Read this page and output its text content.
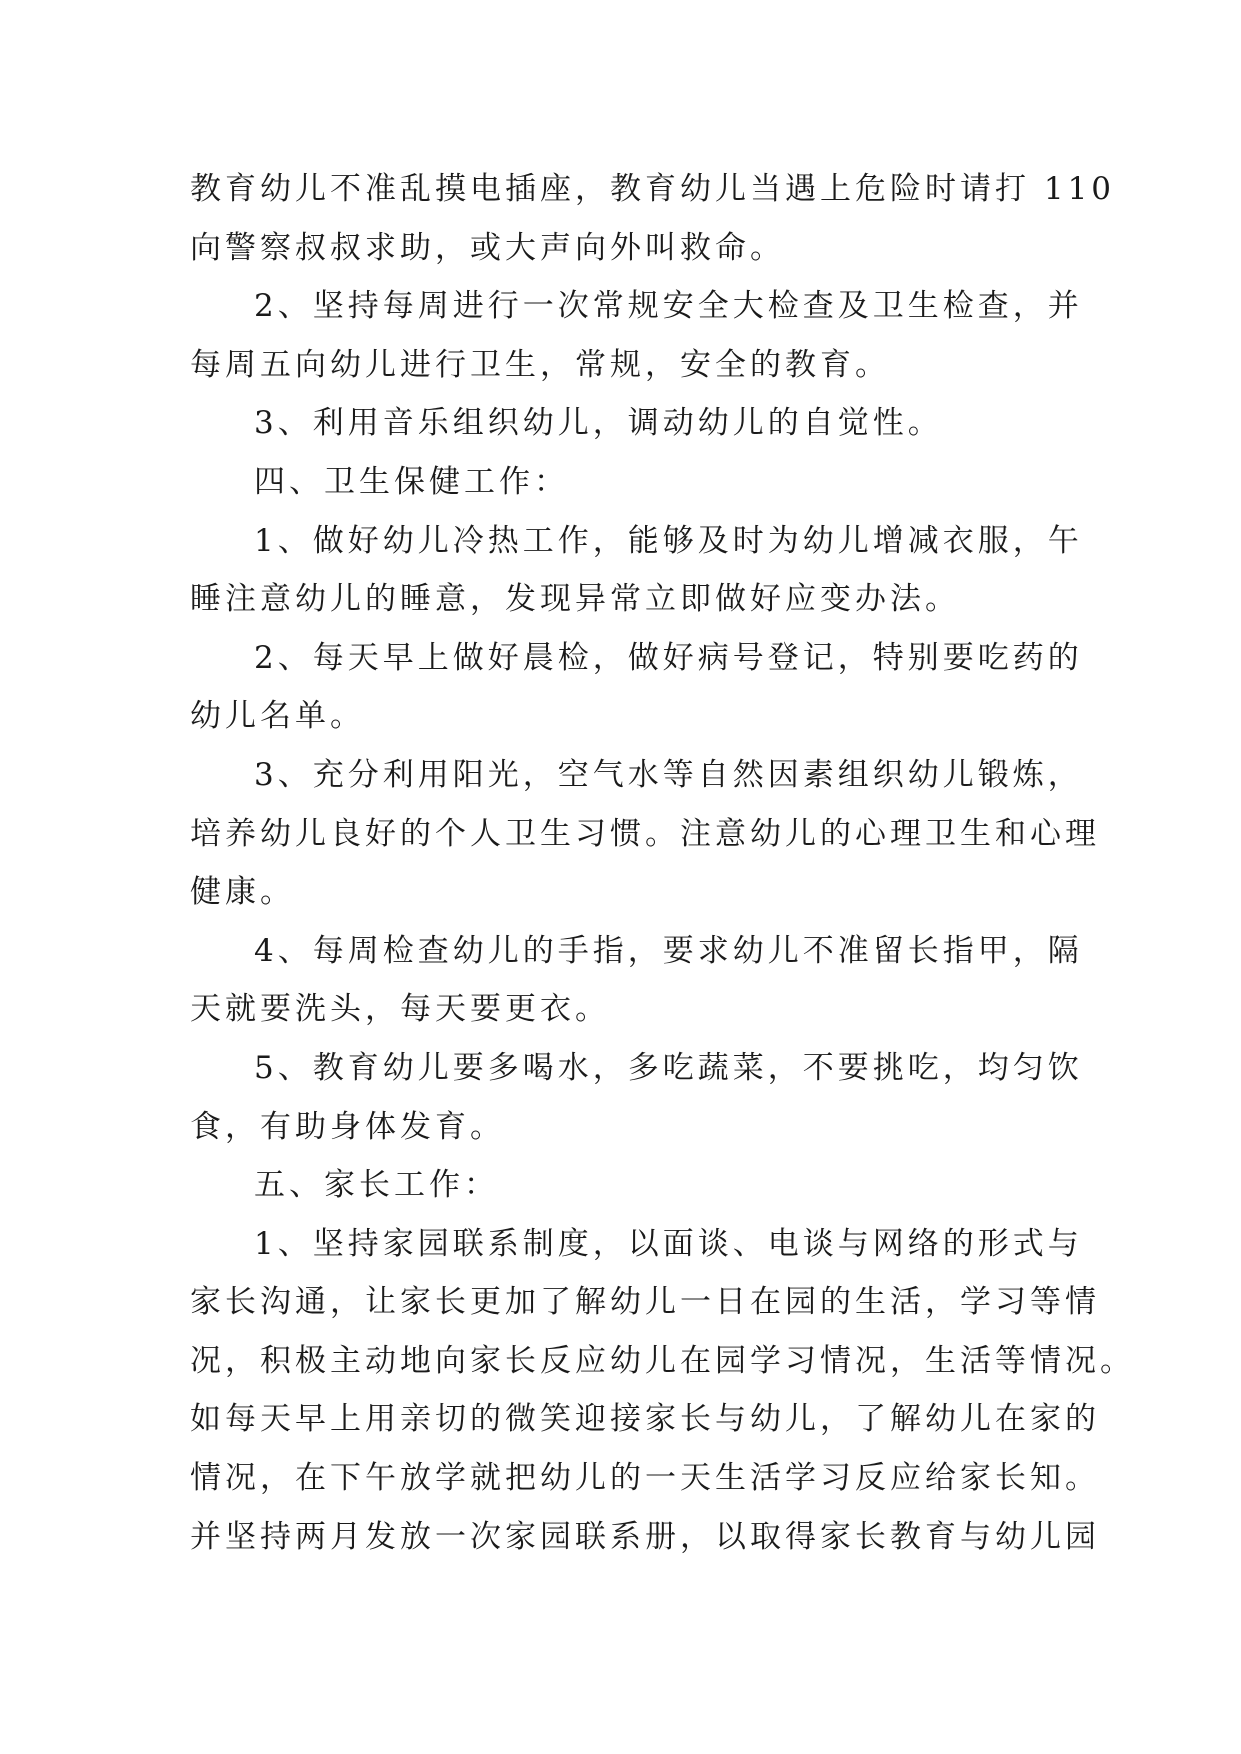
教育幼儿不准乱摸电插座，教育幼儿当遇上危险时请打 110
向警察叔叔求助，或大声向外叫救命。
2、坚持每周进行一次常规安全大检查及卫生检查，并
每周五向幼儿进行卫生，常规，安全的教育。
3、利用音乐组织幼儿，调动幼儿的自觉性。
四、卫生保健工作：
1、做好幼儿冷热工作，能够及时为幼儿增减衣服，午
睡注意幼儿的睡意，发现异常立即做好应变办法。
2、每天早上做好晨检，做好病号登记，特别要吃药的
幼儿名单。
3、充分利用阳光，空气水等自然因素组织幼儿锻炼，
培养幼儿良好的个人卫生习惯。注意幼儿的心理卫生和心理
健康。
4、每周检查幼儿的手指，要求幼儿不准留长指甲，隔
天就要洗头，每天要更衣。
5、教育幼儿要多喝水，多吃蔬菜，不要挑吃，均匀饮
食，有助身体发育。
五、家长工作：
1、坚持家园联系制度，以面谈、电谈与网络的形式与
家长沟通，让家长更加了解幼儿一日在园的生活，学习等情
况，积极主动地向家长反应幼儿在园学习情况，生活等情况。
如每天早上用亲切的微笑迎接家长与幼儿，了解幼儿在家的
情况，在下午放学就把幼儿的一天生活学习反应给家长知。
并坚持两月发放一次家园联系册，以取得家长教育与幼儿园
